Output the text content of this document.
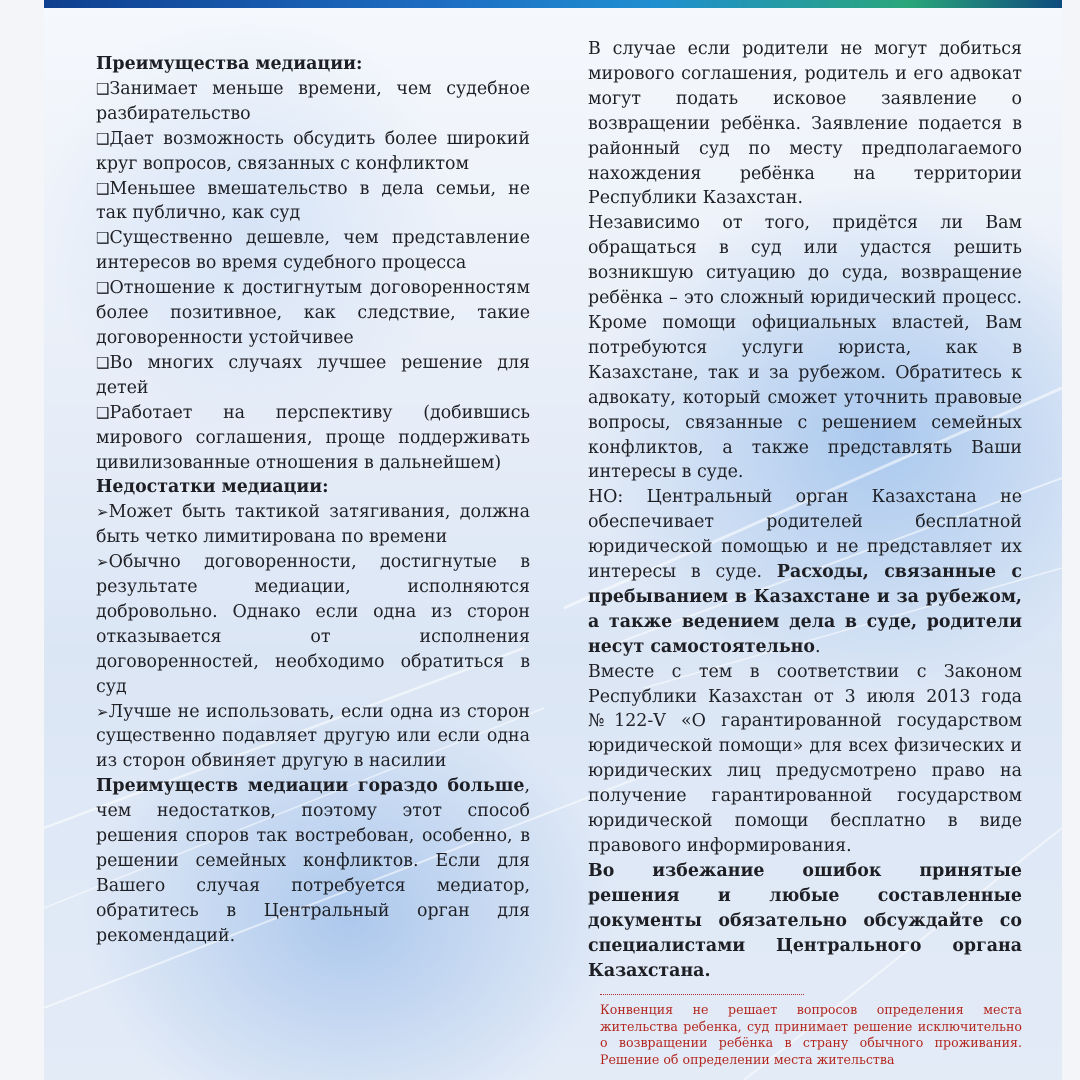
Преимущества медиации:

❑Занимает меньше времени, чем судебное разбирательство

❑Дает возможность обсудить более широкий круг вопросов, связанных с конфликтом

❑Меньшее вмешательство в дела семьи, не так публично, как суд

❑Существенно дешевле, чем представление интересов во время судебного процесса

❑Отношение к достигнутым договоренностям более позитивное, как следствие, такие договоренности устойчивее

❑Во многих случаях лучшее решение для детей

❑Работает на перспективу (добившись мирового соглашения, проще поддерживать цивилизованные отношения в дальнейшем)

Недостатки медиации:

➢Может быть тактикой затягивания, должна быть четко лимитирована по времени

➢Обычно договоренности, достигнутые в результате медиации, исполняются добровольно. Однако если одна из сторон отказывается от исполнения договоренностей, необходимо обратиться в суд

➢Лучше не использовать, если одна из сторон существенно подавляет другую или если одна из сторон обвиняет другую в насилии

Преимуществ медиации гораздо больше, чем недостатков, поэтому этот способ решения споров так востребован, особенно, в решении семейных конфликтов. Если для Вашего случая потребуется медиатор, обратитесь в Центральный орган для рекомендаций.

В случае если родители не могут добиться мирового соглашения, родитель и его адвокат могут подать исковое заявление о возвращении ребёнка. Заявление подается в районный суд по месту предполагаемого нахождения ребёнка на территории Республики Казахстан.

Независимо от того, придётся ли Вам обращаться в суд или удастся решить возникшую ситуацию до суда, возвращение ребёнка – это сложный юридический процесс. Кроме помощи официальных властей, Вам потребуются услуги юриста, как в Казахстане, так и за рубежом. Обратитесь к адвокату, который сможет уточнить правовые вопросы, связанные с решением семейных конфликтов, а также представлять Ваши интересы в суде.

НО: Центральный орган Казахстана не обеспечивает родителей бесплатной юридической помощью и не представляет их интересы в суде. Расходы, связанные с пребыванием в Казахстане и за рубежом, а также ведением дела в суде, родители несут самостоятельно.

Вместе с тем в соответствии с Законом Республики Казахстан от 3 июля 2013 года №122-V «О гарантированной государством юридической помощи» для всех физических и юридических лиц предусмотрено право на получение гарантированной государством юридической помощи бесплатно в виде правового информирования.

Во избежание ошибок принятые решения и любые составленные документы обязательно обсуждайте со специалистами Центрального органа Казахстана.

Конвенция не решает вопросов определения места жительства ребенка, суд принимает решение исключительно о возвращении ребёнка в страну обычного проживания. Решение об определении места жительства
